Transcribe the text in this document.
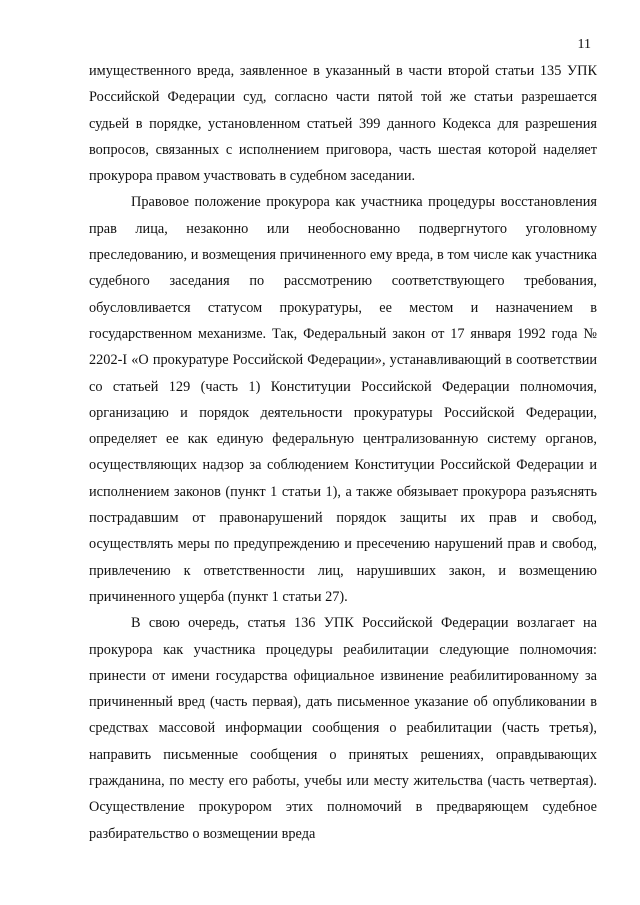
11

имущественного вреда, заявленное в указанный в части второй статьи 135 УПК Российской Федерации суд, согласно части пятой той же статьи разрешается судьей в порядке, установленном статьей 399 данного Кодекса для разрешения вопросов, связанных с исполнением приговора, часть шестая которой наделяет прокурора правом участвовать в судебном заседании.

Правовое положение прокурора как участника процедуры восстановления прав лица, незаконно или необоснованно подвергнутого уголовному преследованию, и возмещения причиненного ему вреда, в том числе как участника судебного заседания по рассмотрению соответствующего требования, обусловливается статусом прокуратуры, ее местом и назначением в государственном механизме. Так, Федеральный закон от 17 января 1992 года № 2202-I «О прокуратуре Российской Федерации», устанавливающий в соответствии со статьей 129 (часть 1) Конституции Российской Федерации полномочия, организацию и порядок деятельности прокуратуры Российской Федерации, определяет ее как единую федеральную централизованную систему органов, осуществляющих надзор за соблюдением Конституции Российской Федерации и исполнением законов (пункт 1 статьи 1), а также обязывает прокурора разъяснять пострадавшим от правонарушений порядок защиты их прав и свобод, осуществлять меры по предупреждению и пресечению нарушений прав и свобод, привлечению к ответственности лиц, нарушивших закон, и возмещению причиненного ущерба (пункт 1 статьи 27).

В свою очередь, статья 136 УПК Российской Федерации возлагает на прокурора как участника процедуры реабилитации следующие полномочия: принести от имени государства официальное извинение реабилитированному за причиненный вред (часть первая), дать письменное указание об опубликовании в средствах массовой информации сообщения о реабилитации (часть третья), направить письменные сообщения о принятых решениях, оправдывающих гражданина, по месту его работы, учебы или месту жительства (часть четвертая). Осуществление прокурором этих полномочий в предваряющем судебное разбирательство о возмещении вреда
